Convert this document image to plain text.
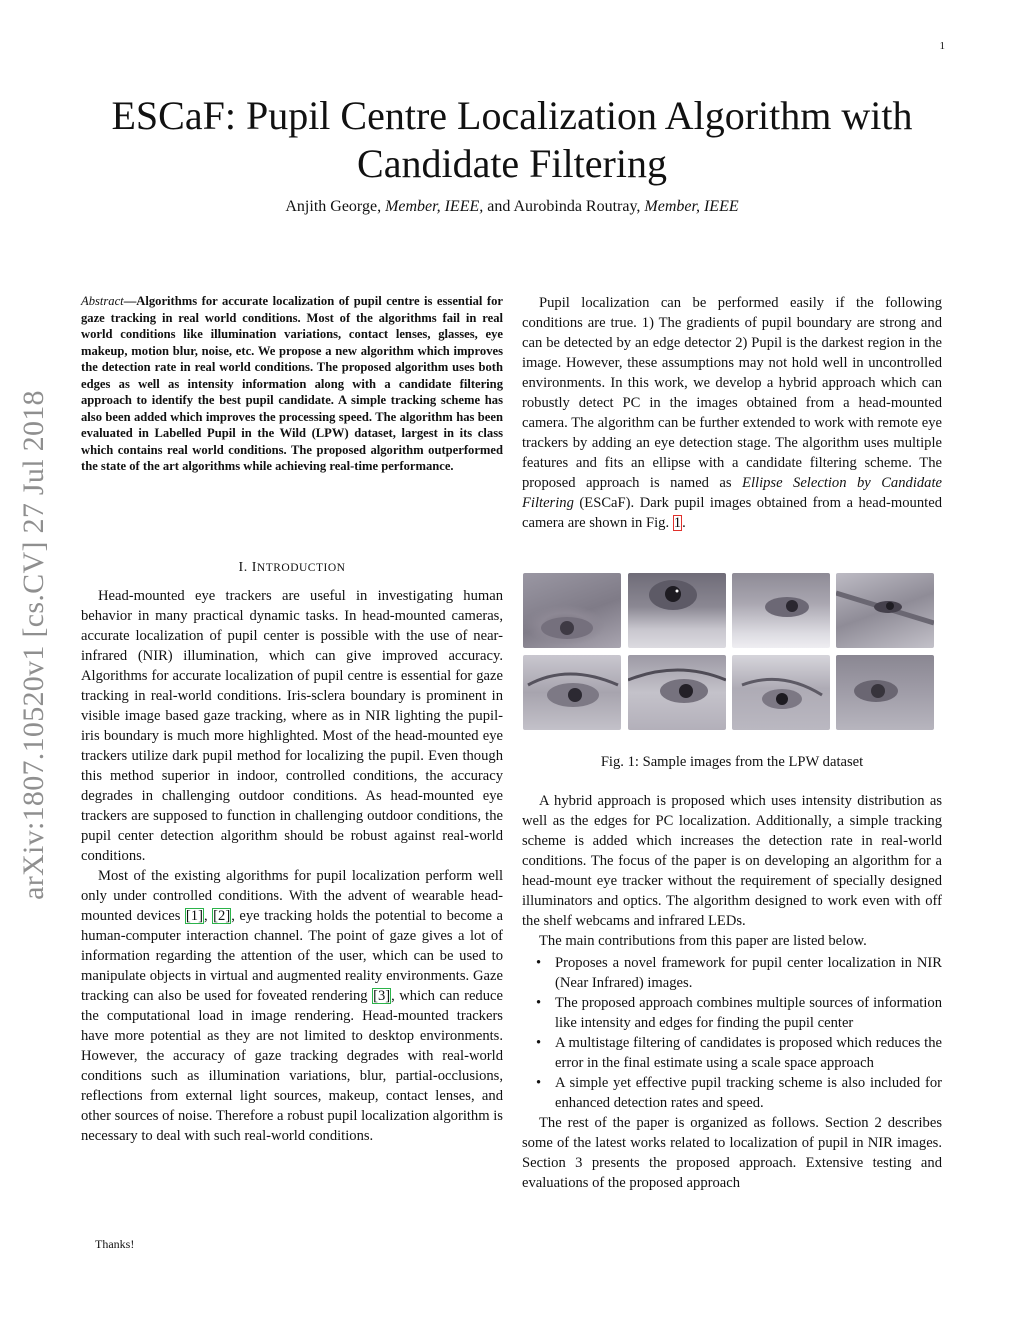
1
arXiv:1807.10520v1 [cs.CV] 27 Jul 2018
ESCaF: Pupil Centre Localization Algorithm with Candidate Filtering
Anjith George, Member, IEEE, and Aurobinda Routray, Member, IEEE
Abstract—Algorithms for accurate localization of pupil centre is essential for gaze tracking in real world conditions. Most of the algorithms fail in real world conditions like illumination variations, contact lenses, glasses, eye makeup, motion blur, noise, etc. We propose a new algorithm which improves the detection rate in real world conditions. The proposed algorithm uses both edges as well as intensity information along with a candidate filtering approach to identify the best pupil candidate. A simple tracking scheme has also been added which improves the processing speed. The algorithm has been evaluated in Labelled Pupil in the Wild (LPW) dataset, largest in its class which contains real world conditions. The proposed algorithm outperformed the state of the art algorithms while achieving real-time performance.
I. INTRODUCTION

Head-mounted eye trackers are useful in investigating human behavior in many practical dynamic tasks. In head-mounted cameras, accurate localization of pupil center is possible with the use of near-infrared (NIR) illumination, which can give improved accuracy. Algorithms for accurate localization of pupil centre is essential for gaze tracking in real-world conditions. Iris-sclera boundary is prominent in visible image based gaze tracking, where as in NIR lighting the pupil-iris boundary is much more highlighted. Most of the head-mounted eye trackers utilize dark pupil method for localizing the pupil. Even though this method superior in indoor, controlled conditions, the accuracy degrades in challenging outdoor conditions. As head-mounted eye trackers are supposed to function in challenging outdoor conditions, the pupil center detection algorithm should be robust against real-world conditions.

Most of the existing algorithms for pupil localization perform well only under controlled conditions. With the advent of wearable head-mounted devices [1], [2], eye tracking holds the potential to become a human-computer interaction channel. The point of gaze gives a lot of information regarding the attention of the user, which can be used to manipulate objects in virtual and augmented reality environments. Gaze tracking can also be used for foveated rendering [3], which can reduce the computational load in image rendering. Head-mounted trackers have more potential as they are not limited to desktop environments. However, the accuracy of gaze tracking degrades with real-world conditions such as illumination variations, blur, partial-occlusions, reflections from external light sources, makeup, contact lenses, and other sources of noise. Therefore a robust pupil localization algorithm is necessary to deal with such real-world conditions.

Pupil localization can be performed easily if the following conditions are true. 1) The gradients of pupil boundary are strong and can be detected by an edge detector 2) Pupil is the darkest region in the image. However, these assumptions may not hold well in uncontrolled environments. In this work, we develop a hybrid approach which can robustly detect PC in the images obtained from a head-mounted camera. The algorithm can be further extended to work with remote eye trackers by adding an eye detection stage. The algorithm uses multiple features and fits an ellipse with a candidate filtering scheme. The proposed approach is named as Ellipse Selection by Candidate Filtering (ESCaF). Dark pupil images obtained from a head-mounted camera are shown in Fig. 1.

Fig. 1: Sample images from the LPW dataset

A hybrid approach is proposed which uses intensity distribution as well as the edges for PC localization. Additionally, a simple tracking scheme is added which increases the detection rate in real-world conditions. The focus of the paper is on developing an algorithm for a head-mount eye tracker without the requirement of specially designed illuminators and optics. The algorithm designed to work even with off the shelf webcams and infrared LEDs.

The main contributions from this paper are listed below.

• Proposes a novel framework for pupil center localization in NIR (Near Infrared) images.
• The proposed approach combines multiple sources of information like intensity and edges for finding the pupil center
• A multistage filtering of candidates is proposed which reduces the error in the final estimate using a scale space approach
• A simple yet effective pupil tracking scheme is also included for enhanced detection rates and speed.

The rest of the paper is organized as follows. Section 2 describes some of the latest works related to localization of pupil in NIR images. Section 3 presents the proposed approach. Extensive testing and evaluations of the proposed approach

Thanks!
